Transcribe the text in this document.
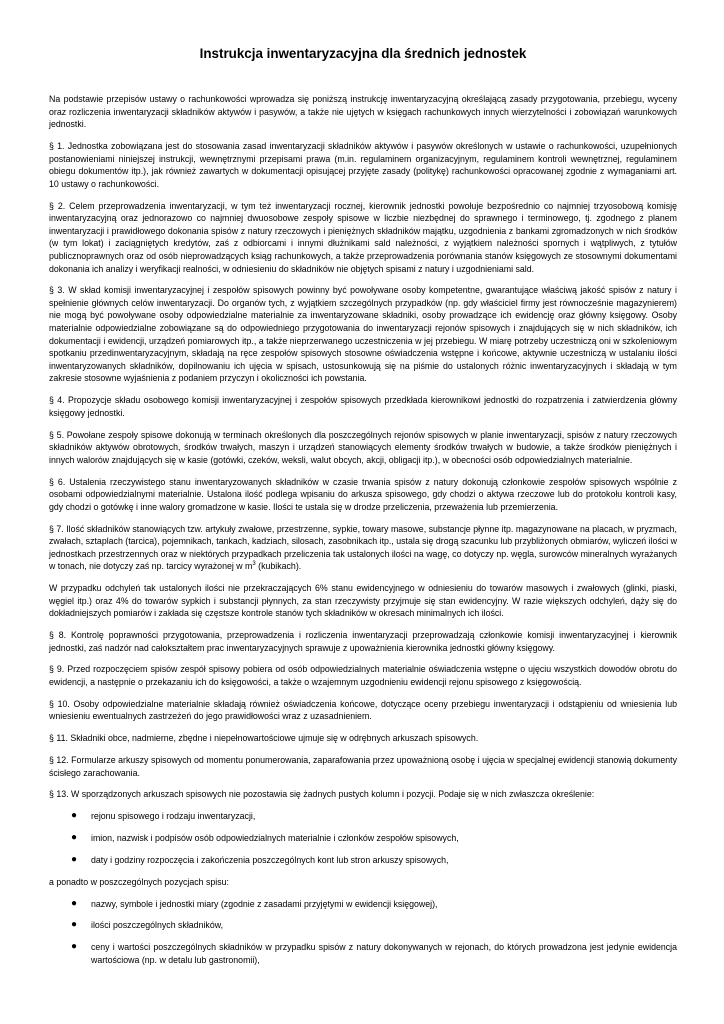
Instrukcja inwentaryzacyjna dla średnich jednostek

Na podstawie przepisów ustawy o rachunkowości wprowadza się poniższą instrukcję inwentaryzacyjną określającą zasady przygotowania, przebiegu, wyceny oraz rozliczenia inwentaryzacji składników aktywów i pasywów, a także nie ujętych w księgach rachunkowych innych wierzytelności i zobowiązań warunkowych jednostki.

§ 1. Jednostka zobowiązana jest do stosowania zasad inwentaryzacji składników aktywów i pasywów określonych w ustawie o rachunkowości, uzupełnionych postanowieniami niniejszej instrukcji, wewnętrznymi przepisami prawa (m.in. regulaminem organizacyjnym, regulaminem kontroli wewnętrznej, regulaminem obiegu dokumentów itp.), jak również zawartych w dokumentacji opisującej przyjęte zasady (politykę) rachunkowości opracowanej zgodnie z wymaganiami art. 10 ustawy o rachunkowości.

§ 2. Celem przeprowadzenia inwentaryzacji, w tym też inwentaryzacji rocznej, kierownik jednostki powołuje bezpośrednio co najmniej trzyosobową komisję inwentaryzacyjną oraz jednorazowo co najmniej dwuosobowe zespoły spisowe w liczbie niezbędnej do sprawnego i terminowego, tj. zgodnego z planem inwentaryzacji i prawidłowego dokonania spisów z natury rzeczowych i pieniężnych składników majątku, uzgodnienia z bankami zgromadzonych w nich środków (w tym lokat) i zaciągniętych kredytów, zaś z odbiorcami i innymi dłużnikami sald należności, z wyjątkiem należności spornych i wątpliwych, z tytułów publicznoprawnych oraz od osób nieprowadzących ksiąg rachunkowych, a także przeprowadzenia porównania stanów księgowych ze stosownymi dokumentami dokonania ich analizy i weryfikacji realności, w odniesieniu do składników nie objętych spisami z natury i uzgodnieniami sald.

§ 3. W skład komisji inwentaryzacyjnej i zespołów spisowych powinny być powoływane osoby kompetentne, gwarantujące właściwą jakość spisów z natury i spełnienie głównych celów inwentaryzacji. Do organów tych, z wyjątkiem szczególnych przypadków (np. gdy właściciel firmy jest równocześnie magazynierem) nie mogą być powoływane osoby odpowiedzialne materialnie za inwentaryzowane składniki, osoby prowadzące ich ewidencję oraz główny księgowy. Osoby materialnie odpowiedzialne zobowiązane są do odpowiedniego przygotowania do inwentaryzacji rejonów spisowych i znajdujących się w nich składników, ich dokumentacji i ewidencji, urządzeń pomiarowych itp., a także nieprzerwanego uczestniczenia w jej przebiegu. W miarę potrzeby uczestniczą oni w szkoleniowym spotkaniu przedinwentaryzacyjnym, składają na ręce zespołów spisowych stosowne oświadczenia wstępne i końcowe, aktywnie uczestniczą w ustalaniu ilości inwentaryzowanych składników, dopilnowaniu ich ujęcia w spisach, ustosunkowują się na piśmie do ustalonych różnic inwentaryzacyjnych i składają w tym zakresie stosowne wyjaśnienia z podaniem przyczyn i okoliczności ich powstania.

§ 4. Propozycje składu osobowego komisji inwentaryzacyjnej i zespołów spisowych przedkłada kierownikowi jednostki do rozpatrzenia i zatwierdzenia główny księgowy jednostki.

§ 5. Powołane zespoły spisowe dokonują w terminach określonych dla poszczególnych rejonów spisowych w planie inwentaryzacji, spisów z natury rzeczowych składników aktywów obrotowych, środków trwałych, maszyn i urządzeń stanowiących elementy środków trwałych w budowie, a także środków pieniężnych i innych walorów znajdujących się w kasie (gotówki, czeków, weksli, walut obcych, akcji, obligacji itp.), w obecności osób odpowiedzialnych materialnie.

§ 6. Ustalenia rzeczywistego stanu inwentaryzowanych składników w czasie trwania spisów z natury dokonują członkowie zespołów spisowych wspólnie z osobami odpowiedzialnymi materialnie. Ustalona ilość podlega wpisaniu do arkusza spisowego, gdy chodzi o aktywa rzeczowe lub do protokołu kontroli kasy, gdy chodzi o gotówkę i inne walory gromadzone w kasie. Ilości te ustala się w drodze przeliczenia, przeważenia lub przemierzenia.

§ 7. Ilość składników stanowiących tzw. artykuły zwałowe, przestrzenne, sypkie, towary masowe, substancje płynne itp. magazynowane na placach, w pryzmach, zwałach, sztaplach (tarcica), pojemnikach, tankach, kadziach, silosach, zasobnikach itp., ustala się drogą szacunku lub przybliżonych obmiarów, wyliczeń ilości w jednostkach przestrzennych oraz w niektórych przypadkach przeliczenia tak ustalonych ilości na wagę, co dotyczy np. węgla, surowców mineralnych wyrażanych w tonach, nie dotyczy zaś np. tarcicy wyrażonej w $m^3$ (kubikach).

W przypadku odchyleń tak ustalonych ilości nie przekraczających 6% stanu ewidencyjnego w odniesieniu do towarów masowych i zwałowych (glinki, piaski, węgiel itp.) oraz 4% do towarów sypkich i substancji płynnych, za stan rzeczywisty przyjmuje się stan ewidencyjny. W razie większych odchyleń, dąży się do dokładniejszych pomiarów i zakłada się częstsze kontrole stanów tych składników w okresach minimalnych ich ilości.

§ 8. Kontrolę poprawności przygotowania, przeprowadzenia i rozliczenia inwentaryzacji przeprowadzają członkowie komisji inwentaryzacyjnej i kierownik jednostki, zaś nadzór nad całokształtem prac inwentaryzacyjnych sprawuje z upoważnienia kierownika jednostki główny księgowy.

§ 9. Przed rozpoczęciem spisów zespół spisowy pobiera od osób odpowiedzialnych materialnie oświadczenia wstępne o ujęciu wszystkich dowodów obrotu do ewidencji, a następnie o przekazaniu ich do księgowości, a także o wzajemnym uzgodnieniu ewidencji rejonu spisowego z księgowością.

§ 10. Osoby odpowiedzialne materialnie składają również oświadczenia końcowe, dotyczące oceny przebiegu inwentaryzacji i odstąpieniu od wniesienia lub wniesieniu ewentualnych zastrzeżeń do jego prawidłowości wraz z uzasadnieniem.

§ 11. Składniki obce, nadmierne, zbędne i niepełnowartościowe ujmuje się w odrębnych arkuszach spisowych.

§ 12. Formularze arkuszy spisowych od momentu ponumerowania, zaparafowania przez upoważnioną osobę i ujęcia w specjalnej ewidencji stanowią dokumenty ścisłego zarachowania.

§ 13. W sporządzonych arkuszach spisowych nie pozostawia się żadnych pustych kolumn i pozycji. Podaje się w nich zwłaszcza określenie:

● rejonu spisowego i rodzaju inwentaryzacji,
● imion, nazwisk i podpisów osób odpowiedzialnych materialnie i członków zespołów spisowych,
● daty i godziny rozpoczęcia i zakończenia poszczególnych kont lub stron arkuszy spisowych,

a ponadto w poszczególnych pozycjach spisu:

● nazwy, symbole i jednostki miary (zgodnie z zasadami przyjętymi w ewidencji księgowej),
● ilości poszczególnych składników,
● ceny i wartości poszczególnych składników w przypadku spisów z natury dokonywanych w rejonach, do których prowadzona jest jedynie ewidencja wartościowa (np. w detalu lub gastronomii),
